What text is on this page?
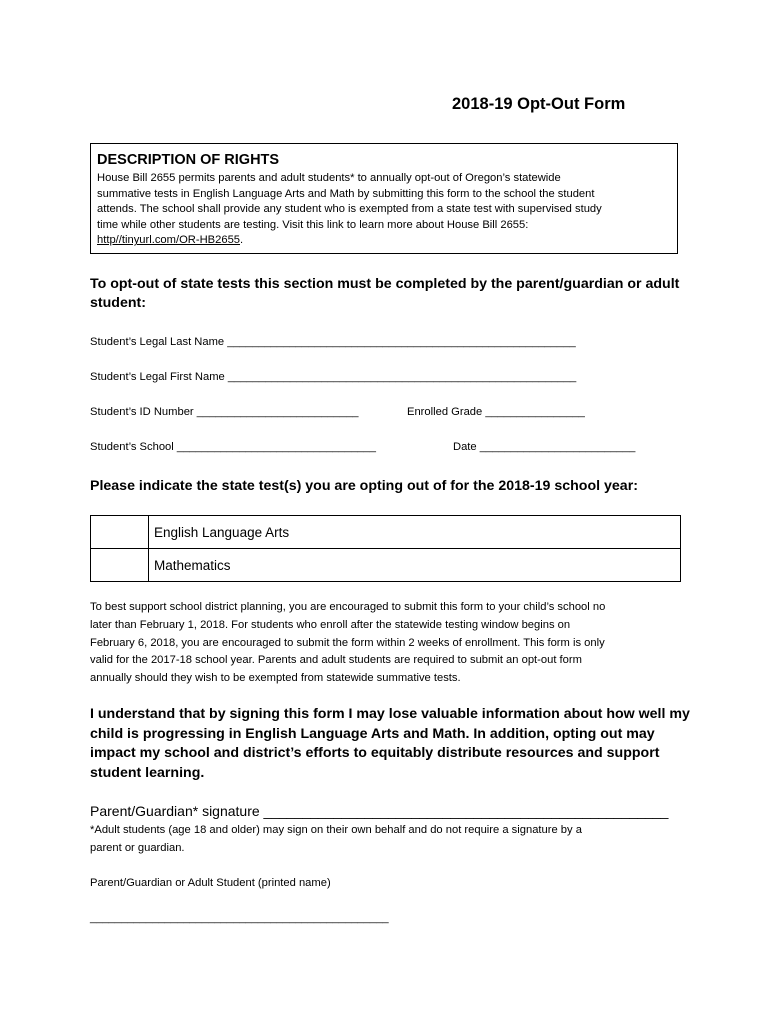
2018-19 Opt-Out Form

DESCRIPTION OF RIGHTS

House Bill 2655 permits parents and adult students* to annually opt-out of Oregon’s statewide
summative tests in English Language Arts and Math by submitting this form to the school the student
attends. The school shall provide any student who is exempted from a state test with supervised study
time while other students are testing. Visit this link to learn more about House Bill 2655:
http//tinyurl.com/OR-HB2655.

To opt-out of state tests this section must be completed by the parent/guardian or adult
student:
Student’s Legal Last Name ________________________________________________________
Student’s Legal First Name ________________________________________________________
Student’s ID Number __________________________	Enrolled Grade ________________
Student’s School ________________________________	Date _________________________
Please indicate the state test(s) you are opting out of for the 2018-19 school year:
	English Language Arts
	Mathematics
To best support school district planning, you are encouraged to submit this form to your child’s school no
later than February 1, 2018. For students who enroll after the statewide testing window begins on
February 6, 2018, you are encouraged to submit the form within 2 weeks of enrollment. This form is only
valid for the 2017-18 school year. Parents and adult students are required to submit an opt-out form
annually should they wish to be exempted from statewide summative tests.
I understand that by signing this form I may lose valuable information about how well my
child is progressing in English Language Arts and Math. In addition, opting out may
impact my school and district’s efforts to equitably distribute resources and support
student learning.
Parent/Guardian* signature ____________________________________________________
*Adult students (age 18 and older) may sign on their own behalf and do not require a signature by a
parent or guardian.
Parent/Guardian or Adult Student (printed name)
________________________________________________
